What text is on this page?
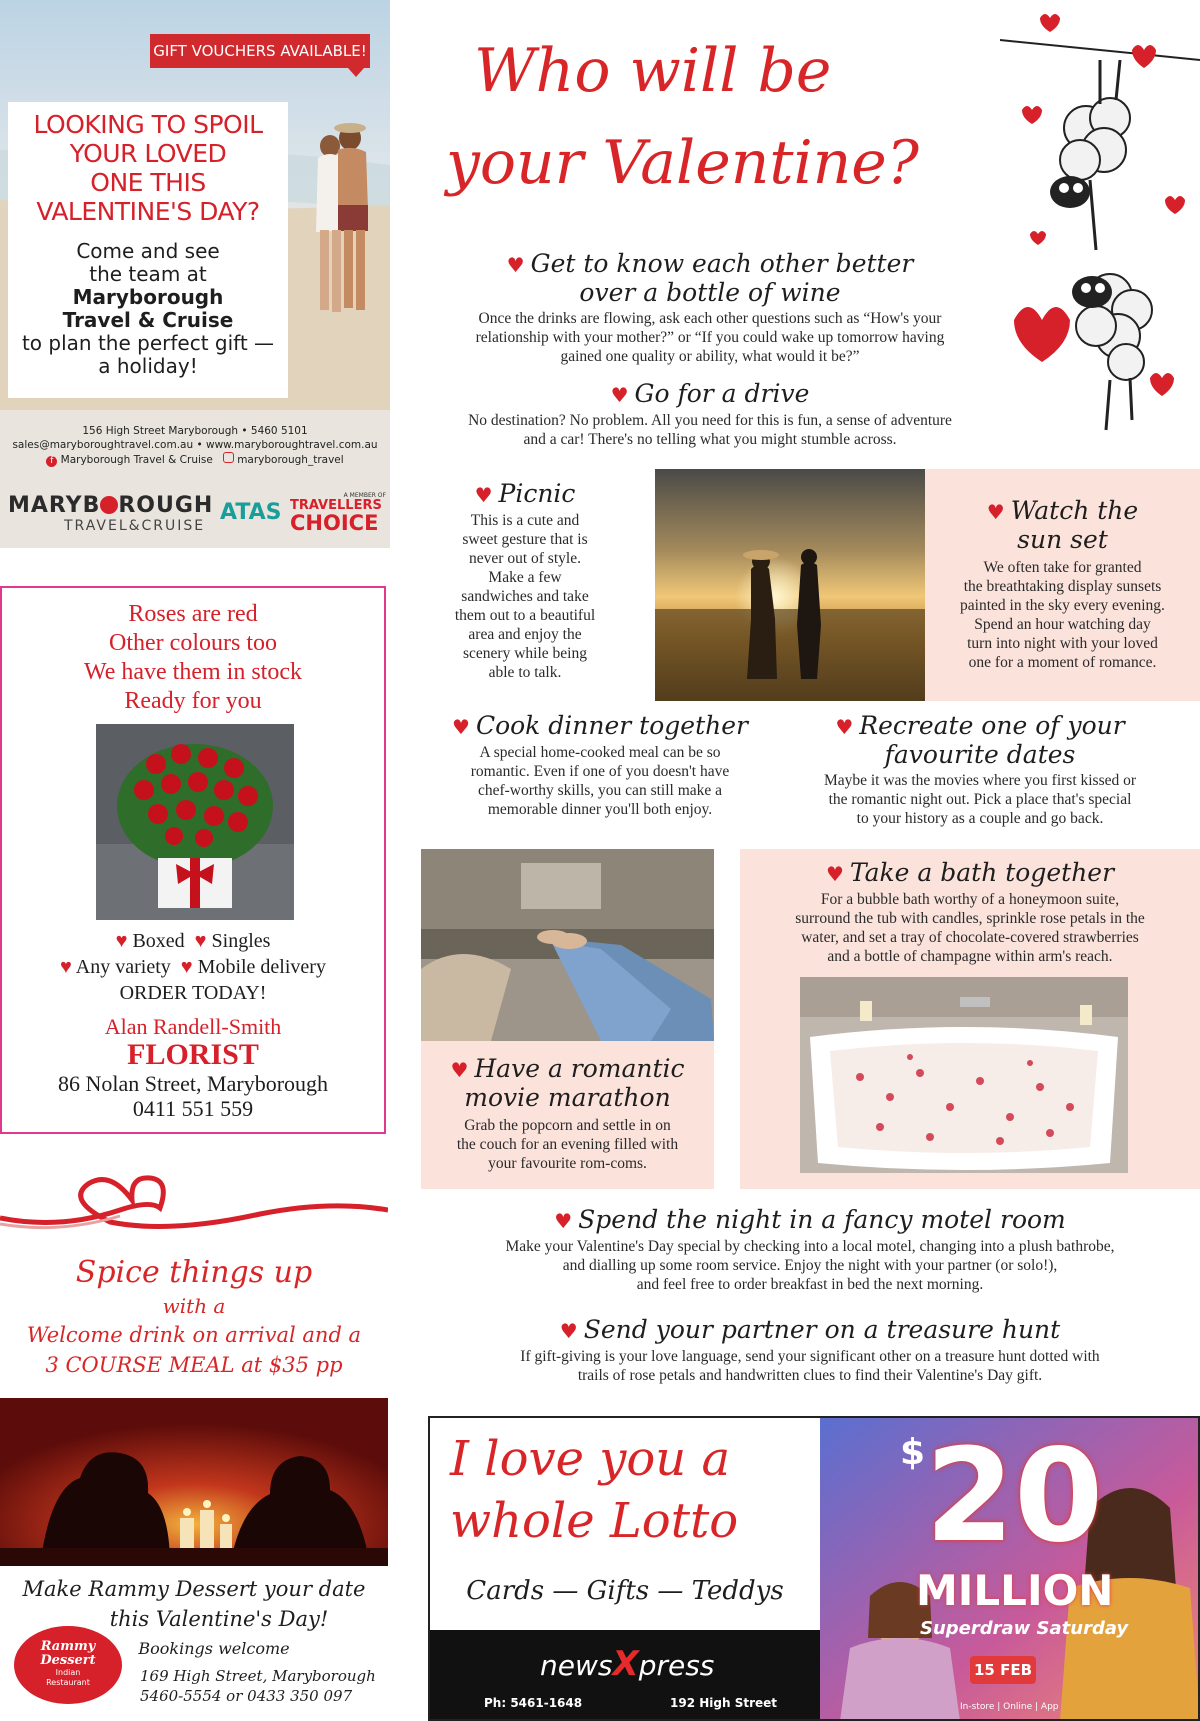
GIFT VOUCHERS AVAILABLE!
LOOKING TO SPOIL
YOUR LOVED
ONE THIS
VALENTINE'S DAY?
Come and see
the team at
Maryborough
Travel & Cruise
to plan the perfect gift —
a holiday!
156 High Street Maryborough • 5460 5101
sales@maryboroughtravel.com.au • www.maryboroughtravel.com.au
f Maryborough Travel & Cruise maryborough_travel
MARYB ROUGH
TRAVEL&CRUISE
ATAS
A MEMBER OF
TRAVELLERS
CHOICE
Roses are red
Other colours too
We have them in stock
Ready for you
♥ Boxed ♥ Singles
♥ Any variety ♥ Mobile delivery
ORDER TODAY!
Alan Randell-Smith
FLORIST
86 Nolan Street, Maryborough
0411 551 559
Spice things up
with a
Welcome drink on arrival and a
3 COURSE MEAL at $35 pp
Make Rammy Dessert your date
this Valentine's Day!
Bookings welcome
Rammy
Dessert
Indian
Restaurant	169 High Street, Maryborough
5460-5554 or 0433 350 097
Who will be
your Valentine?
♥ Get to know each other better
over a bottle of wine
Once the drinks are flowing, ask each other questions such as “How's your
relationship with your mother?” or “If you could wake up tomorrow having
gained one quality or ability, what would it be?”
♥ Go for a drive
No destination? No problem. All you need for this is fun, a sense of adventure
and a car! There's no telling what you might stumble across.
♥ Picnic
This is a cute and
sweet gesture that is
never out of style.
Make a few
sandwiches and take
them out to a beautiful
area and enjoy the
scenery while being
able to talk.
♥ Watch the
sun set
We often take for granted
the breathtaking display sunsets
painted in the sky every evening.
Spend an hour watching day
turn into night with your loved
one for a moment of romance.
♥ Cook dinner together
A special home-cooked meal can be so
romantic. Even if one of you doesn't have
chef-worthy skills, you can still make a
memorable dinner you'll both enjoy.
♥ Recreate one of your
favourite dates
Maybe it was the movies where you first kissed or
the romantic night out. Pick a place that's special
to your history as a couple and go back.
♥ Have a romantic
movie marathon
Grab the popcorn and settle in on
the couch for an evening filled with
your favourite rom-coms.
♥ Take a bath together
For a bubble bath worthy of a honeymoon suite,
surround the tub with candles, sprinkle rose petals in the
water, and set a tray of chocolate-covered strawberries
and a bottle of champagne within arm's reach.
♥ Spend the night in a fancy motel room
Make your Valentine's Day special by checking into a local motel, changing into a plush bathrobe,
and dialling up some room service. Enjoy the night with your partner (or solo!),
and feel free to order breakfast in bed the next morning.
♥ Send your partner on a treasure hunt
If gift-giving is your love language, send your significant other on a treasure hunt dotted with
trails of rose petals and handwritten clues to find their Valentine's Day gift.
I love you a
whole Lotto
Cards — Gifts — Teddys
newsXpress
Ph: 5461-1648	192 High Street
$20
MILLION
Superdraw Saturday
15 FEB
In-store | Online | App
